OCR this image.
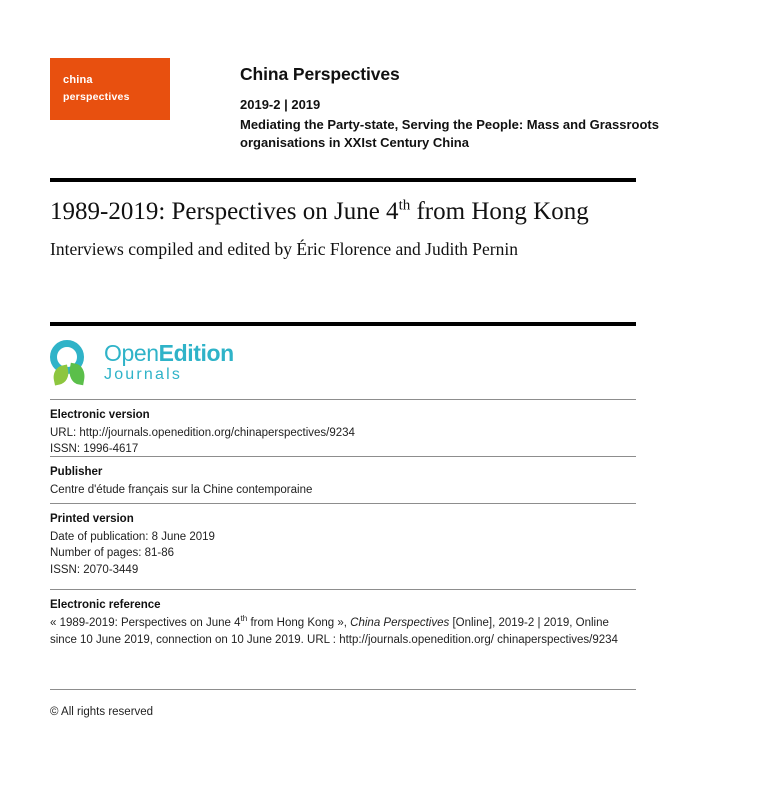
china
perspectives
China Perspectives
2019-2 | 2019
Mediating the Party-state, Serving the People: Mass and Grassroots organisations in XXIst Century China
1989-2019: Perspectives on June 4th from Hong Kong
Interviews compiled and edited by Éric Florence and Judith Pernin
OpenEdition
Journals
Electronic version

URL: http://journals.openedition.org/chinaperspectives/9234

ISSN: 1996-4617

Publisher

Centre d'étude français sur la Chine contemporaine

Printed version

Date of publication: 8 June 2019

Number of pages: 81-86

ISSN: 2070-3449

Electronic reference
« 1989-2019: Perspectives on June 4th from Hong Kong », China Perspectives [Online], 2019-2 | 2019, Online since 10 June 2019, connection on 10 June 2019. URL : http://journals.openedition.org/ chinaperspectives/9234
© All rights reserved
